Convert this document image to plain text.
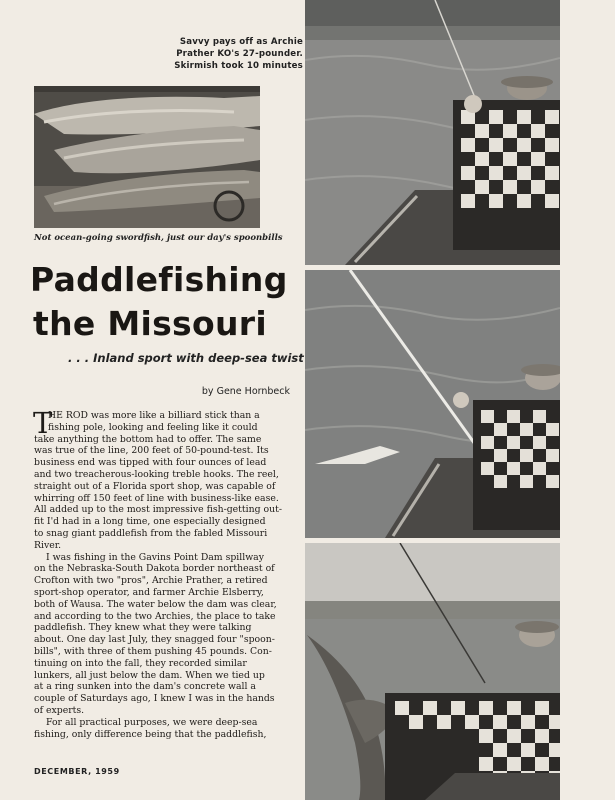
Savvy pays off as Archie
Prather KO's 27-pounder.
Skirmish took 10 minutes
Not ocean-going swordfish, just our day's spoonbills
Paddlefishing
the Missouri
. . . Inland sport with deep-sea twist
by Gene Hornbeck
T
HE ROD was more like a billiard stick than a
fishing pole, looking and feeling like it could
take anything the bottom had to offer. The same
was true of the line, 200 feet of 50-pound-test. Its
business end was tipped with four ounces of lead
and two treacherous-looking treble hooks. The reel,
straight out of a Florida sport shop, was capable of
whirring off 150 feet of line with business-like ease.
All added up to the most impressive fish-getting out-
fit I'd had in a long time, one especially designed
to snag giant paddlefish from the fabled Missouri
River.
I was fishing in the Gavins Point Dam spillway
on the Nebraska-South Dakota border northeast of
Crofton with two "pros", Archie Prather, a retired
sport-shop operator, and farmer Archie Elsberry,
both of Wausa. The water below the dam was clear,
and according to the two Archies, the place to take
paddlefish. They knew what they were talking
about. One day last July, they snagged four "spoon-
bills", with three of them pushing 45 pounds. Con-
tinuing on into the fall, they recorded similar
lunkers, all just below the dam. When we tied up
at a ring sunken into the dam's concrete wall a
couple of Saturdays ago, I knew I was in the hands
of experts.
For all practical purposes, we were deep-sea
fishing, only difference being that the paddlefish,
DECEMBER, 1959
